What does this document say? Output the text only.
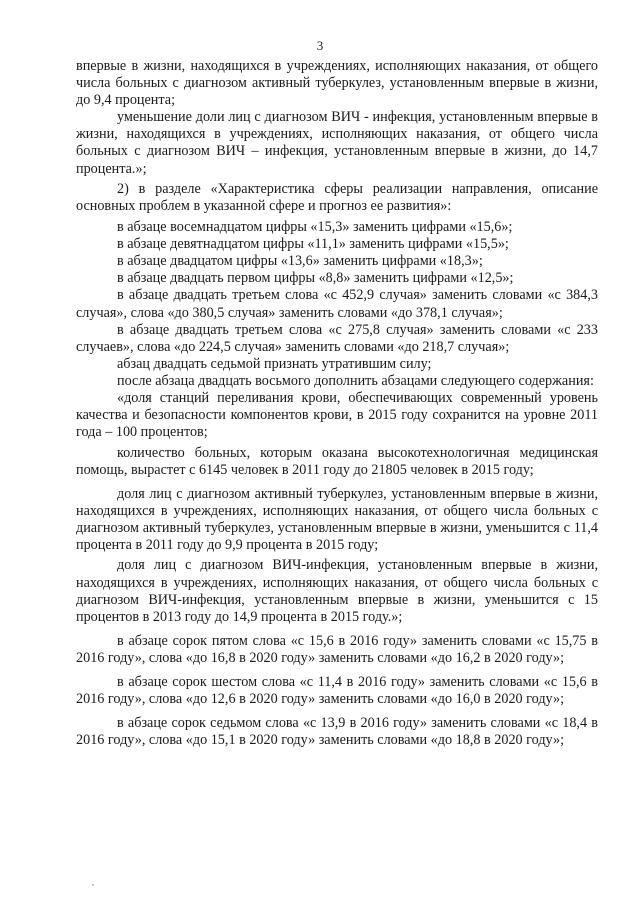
3

впервые в жизни, находящихся в учреждениях, исполняющих наказания, от общего числа больных с диагнозом активный туберкулез, установленным впервые в жизни, до 9,4 процента;

уменьшение доли лиц с диагнозом ВИЧ - инфекция, установленным впервые в жизни, находящихся в учреждениях, исполняющих наказания, от общего числа больных с диагнозом ВИЧ – инфекция, установленным впервые в жизни, до 14,7 процента.»;

2) в разделе «Характеристика сферы реализации направления, описание основных проблем в указанной сфере и прогноз ее развития»:

в абзаце восемнадцатом цифры «15,3» заменить цифрами «15,6»;

в абзаце девятнадцатом цифры «11,1» заменить цифрами «15,5»;

в абзаце двадцатом цифры «13,6» заменить цифрами «18,3»;

в абзаце двадцать первом цифры «8,8» заменить цифрами «12,5»;

в абзаце двадцать третьем слова «с 452,9 случая» заменить словами «с 384,3 случая», слова «до 380,5 случая» заменить словами «до 378,1 случая»;

в абзаце двадцать третьем слова «с 275,8 случая» заменить словами «с 233 случаев», слова «до 224,5 случая» заменить словами «до 218,7 случая»;

абзац двадцать седьмой признать утратившим силу;

после абзаца двадцать восьмого дополнить абзацами следующего содержания:

«доля станций переливания крови, обеспечивающих современный уровень качества и безопасности компонентов крови, в 2015 году сохранится на уровне 2011 года – 100 процентов;

количество больных, которым оказана высокотехнологичная медицинская помощь, вырастет с 6145 человек в 2011 году до 21805 человек в 2015 году;

доля лиц с диагнозом активный туберкулез, установленным впервые в жизни, находящихся в учреждениях, исполняющих наказания, от общего числа больных с диагнозом активный туберкулез, установленным впервые в жизни, уменьшится с 11,4 процента в 2011 году до 9,9 процента в 2015 году;

доля лиц с диагнозом ВИЧ-инфекция, установленным впервые в жизни, находящихся в учреждениях, исполняющих наказания, от общего числа больных с диагнозом ВИЧ-инфекция, установленным впервые в жизни, уменьшится с 15 процентов в 2013 году до 14,9 процента в 2015 году.»;

в абзаце сорок пятом слова «с 15,6 в 2016 году» заменить словами «с 15,75 в 2016 году», слова «до 16,8 в 2020 году» заменить словами «до 16,2 в 2020 году»;

в абзаце сорок шестом слова «с 11,4 в 2016 году» заменить словами «с 15,6 в 2016 году», слова «до 12,6 в 2020 году» заменить словами «до 16,0 в 2020 году»;

в абзаце сорок седьмом слова «с 13,9 в 2016 году» заменить словами «с 18,4 в 2016 году», слова «до 15,1 в 2020 году» заменить словами «до 18,8 в 2020 году»;
